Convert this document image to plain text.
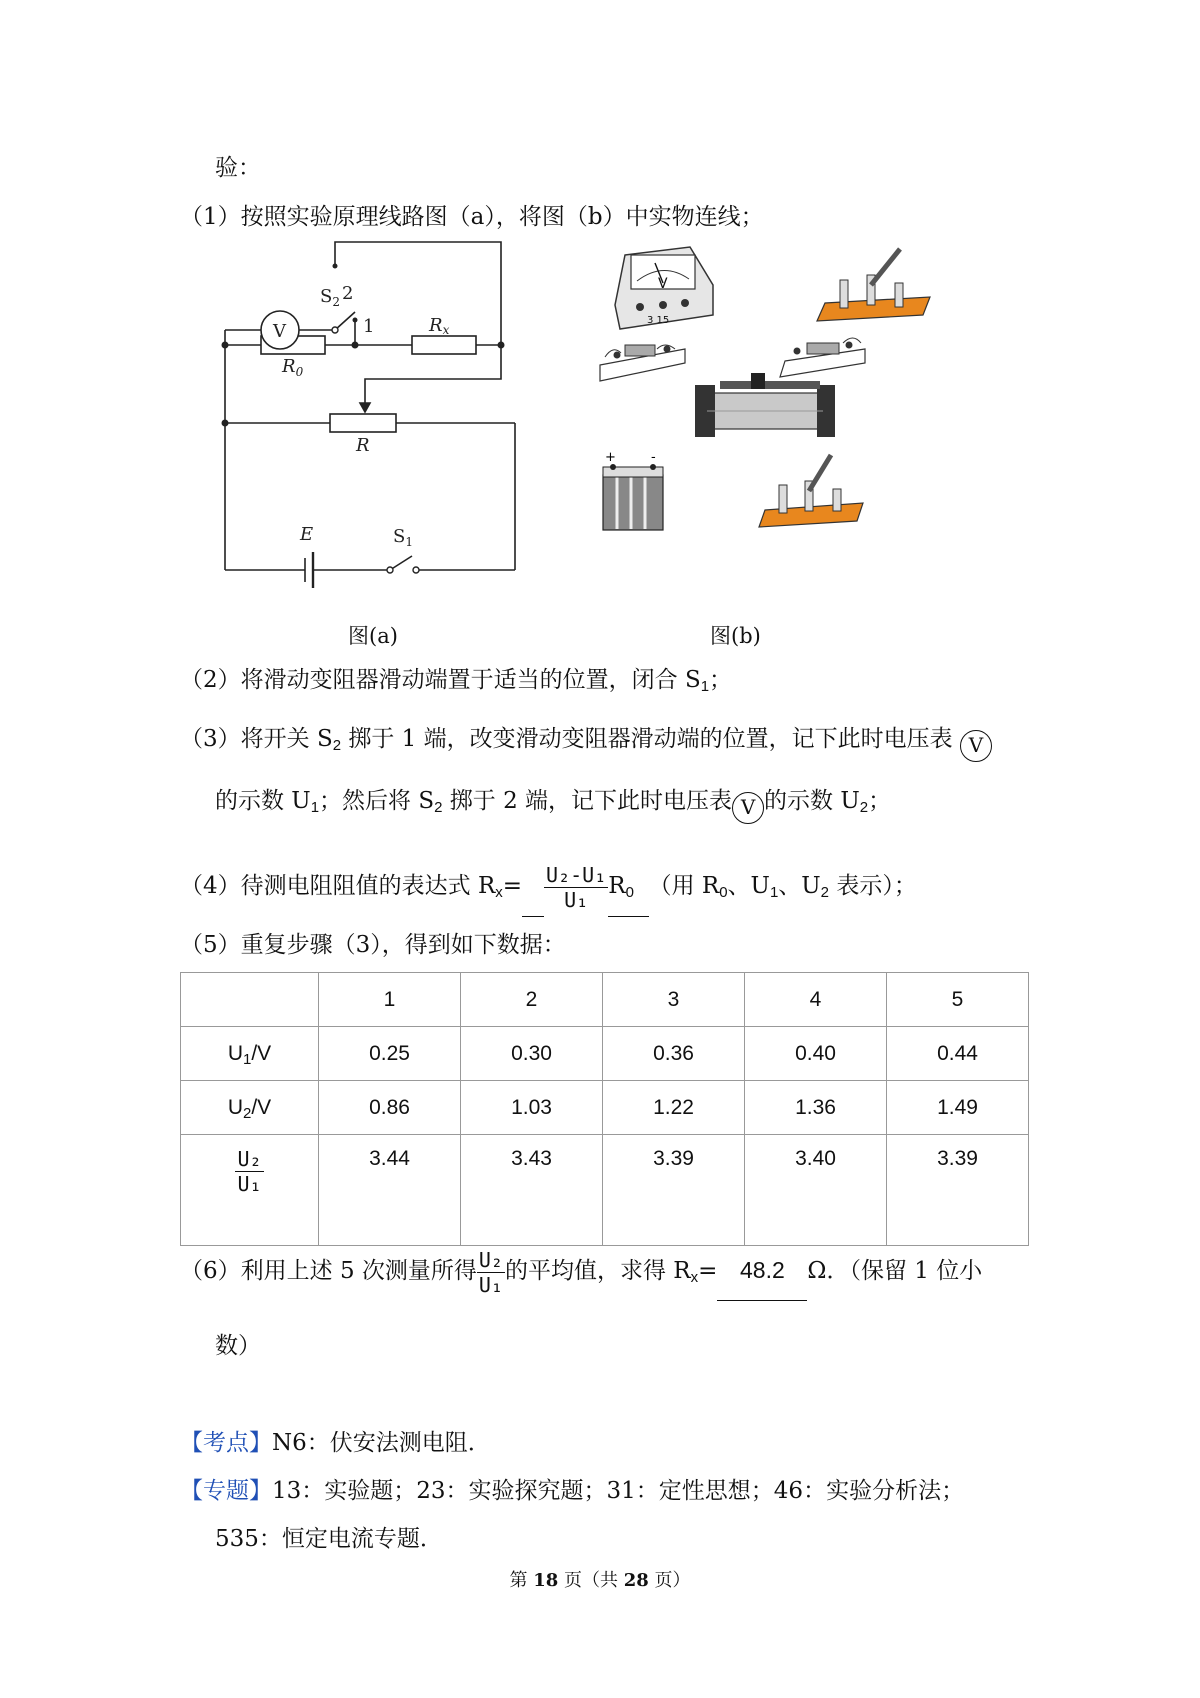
验：
（1）按照实验原理线路图（a），将图（b）中实物连线；
V
$S_2$ 2
1	Rx
$R_0$
R
E	$S_1$
图(a)
V
3 15
+	-
图(b)
（2）将滑动变阻器滑动端置于适当的位置，闭合 $S_1$；
（3）将开关 $S_2$ 掷于 1 端，改变滑动变阻器滑动端的位置，记下此时电压表 V
的示数 $U_1$；然后将 $S_2$ 掷于 2 端，记下此时电压表 V 的示数 $U_2$；
（4）待测电阻阻值的表达式 $R_x= \frac{\text{U₂-U₁}}{\text{U₁}} R_0$ （用 $R_0$、$U_1$、$U_2$ 表示）；
（5）重复步骤（3），得到如下数据：
	1	2	3	4	5
$U_1/V$	0.25	0.30	0.36	0.40	0.44
$U_2/V$	0.86	1.03	1.22	1.36	1.49

$\frac{\text{U₂}}{\text{U₁}}$	3.44	3.43	3.39	3.40	3.39
（6）利用上述 5 次测量所得 $\frac{\text{U₂}}{\text{U₁}}$ 的平均值，求得 $R_x= 48.2$ Ω．（保留 1 位小
数）
【考点】N6：伏安法测电阻．
【专题】13：实验题；23：实验探究题；31：定性思想；46：实验分析法；
535：恒定电流专题．
第 18 页（共 28 页）
